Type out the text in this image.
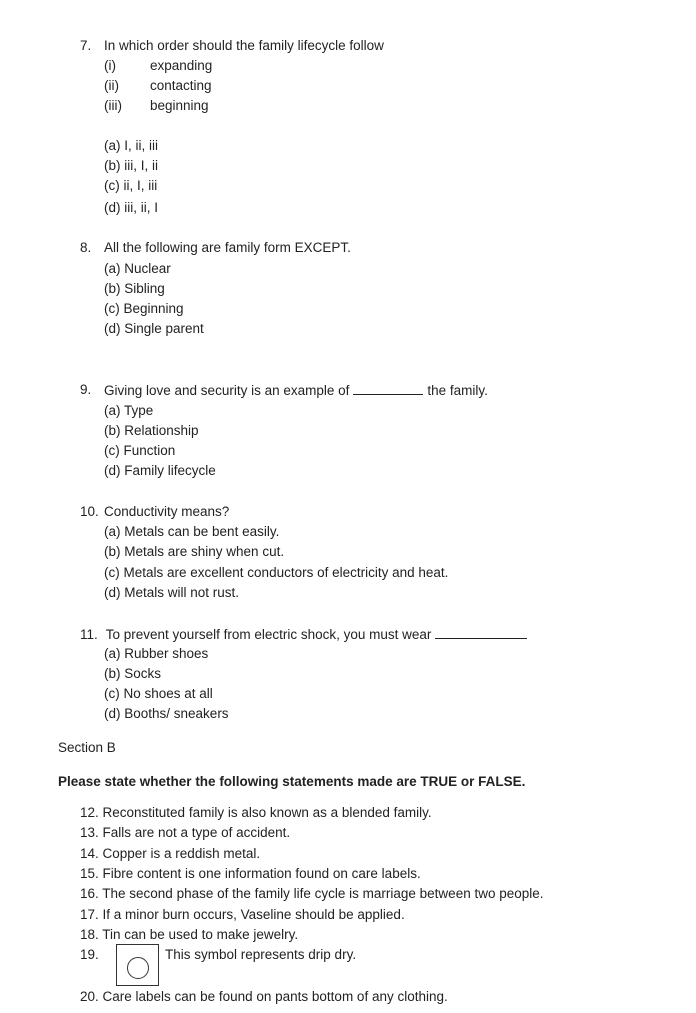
7. In which order should the family lifecycle follow
(i)	expanding
(ii) contacting
(iii) beginning
(a) I, ii, iii
(b) iii, I, ii
(c) ii, I, iii
(d) iii, ii, I
8. All the following are family form EXCEPT.
(a) Nuclear
(b) Sibling
(c) Beginning
(d) Single parent
9. Giving love and security is an example of	the family.
(a) Type
(b) Relationship
(c) Function
(d) Family lifecycle
10. Conductivity means?
(a) Metals can be bent easily.
(b) Metals are shiny when cut.
(c) Metals are excellent conductors of electricity and heat.
(d) Metals will not rust.
11. To prevent yourself from electric shock, you must wear
(a) Rubber shoes
(b) Socks
(c) No shoes at all
(d) Booths/ sneakers
Section B
Please state whether the following statements made are TRUE or FALSE.
12. Reconstituted family is also known as a blended family.
13. Falls are not a type of accident.
14. Copper is a reddish metal.
15. Fibre content is one information found on care labels.
16. The second phase of the family life cycle is marriage between two people.
17. If a minor burn occurs, Vaseline should be applied.
18. Tin can be used to make jewelry.
19.
20. Care labels can be found on pants bottom of any clothing.
This symbol represents drip dry.
